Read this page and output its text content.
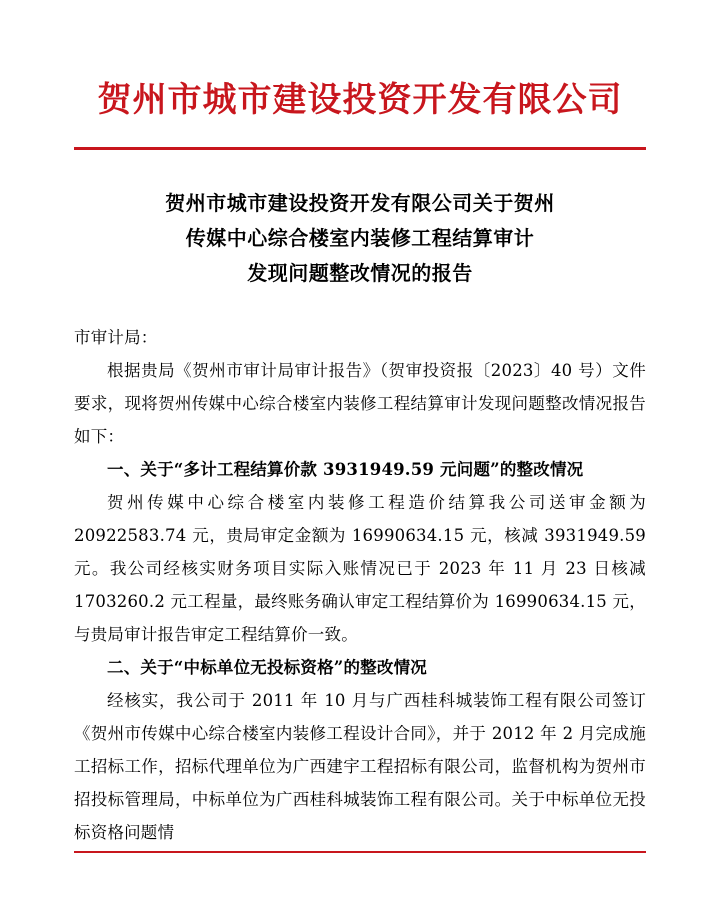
贺州市城市建设投资开发有限公司
贺州市城市建设投资开发有限公司关于贺州
传媒中心综合楼室内装修工程结算审计
发现问题整改情况的报告

市审计局：

根据贵局《贺州市审计局审计报告》（贺审投资报〔2023〕40 号）文件要求，现将贺州传媒中心综合楼室内装修工程结算审计发现问题整改情况报告如下：

一、关于“多计工程结算价款 3931949.59 元问题”的整改情况

贺州传媒中心综合楼室内装修工程造价结算我公司送审金额为 20922583.74 元，贵局审定金额为 16990634.15 元，核减 3931949.59 元。我公司经核实财务项目实际入账情况已于 2023 年 11 月 23 日核减 1703260.2 元工程量，最终账务确认审定工程结算价为 16990634.15 元，与贵局审计报告审定工程结算价一致。

二、关于“中标单位无投标资格”的整改情况

经核实，我公司于 2011 年 10 月与广西桂科城装饰工程有限公司签订《贺州市传媒中心综合楼室内装修工程设计合同》，并于 2012 年 2 月完成施工招标工作，招标代理单位为广西建宇工程招标有限公司，监督机构为贺州市招投标管理局，中标单位为广西桂科城装饰工程有限公司。关于中标单位无投标资格问题情
